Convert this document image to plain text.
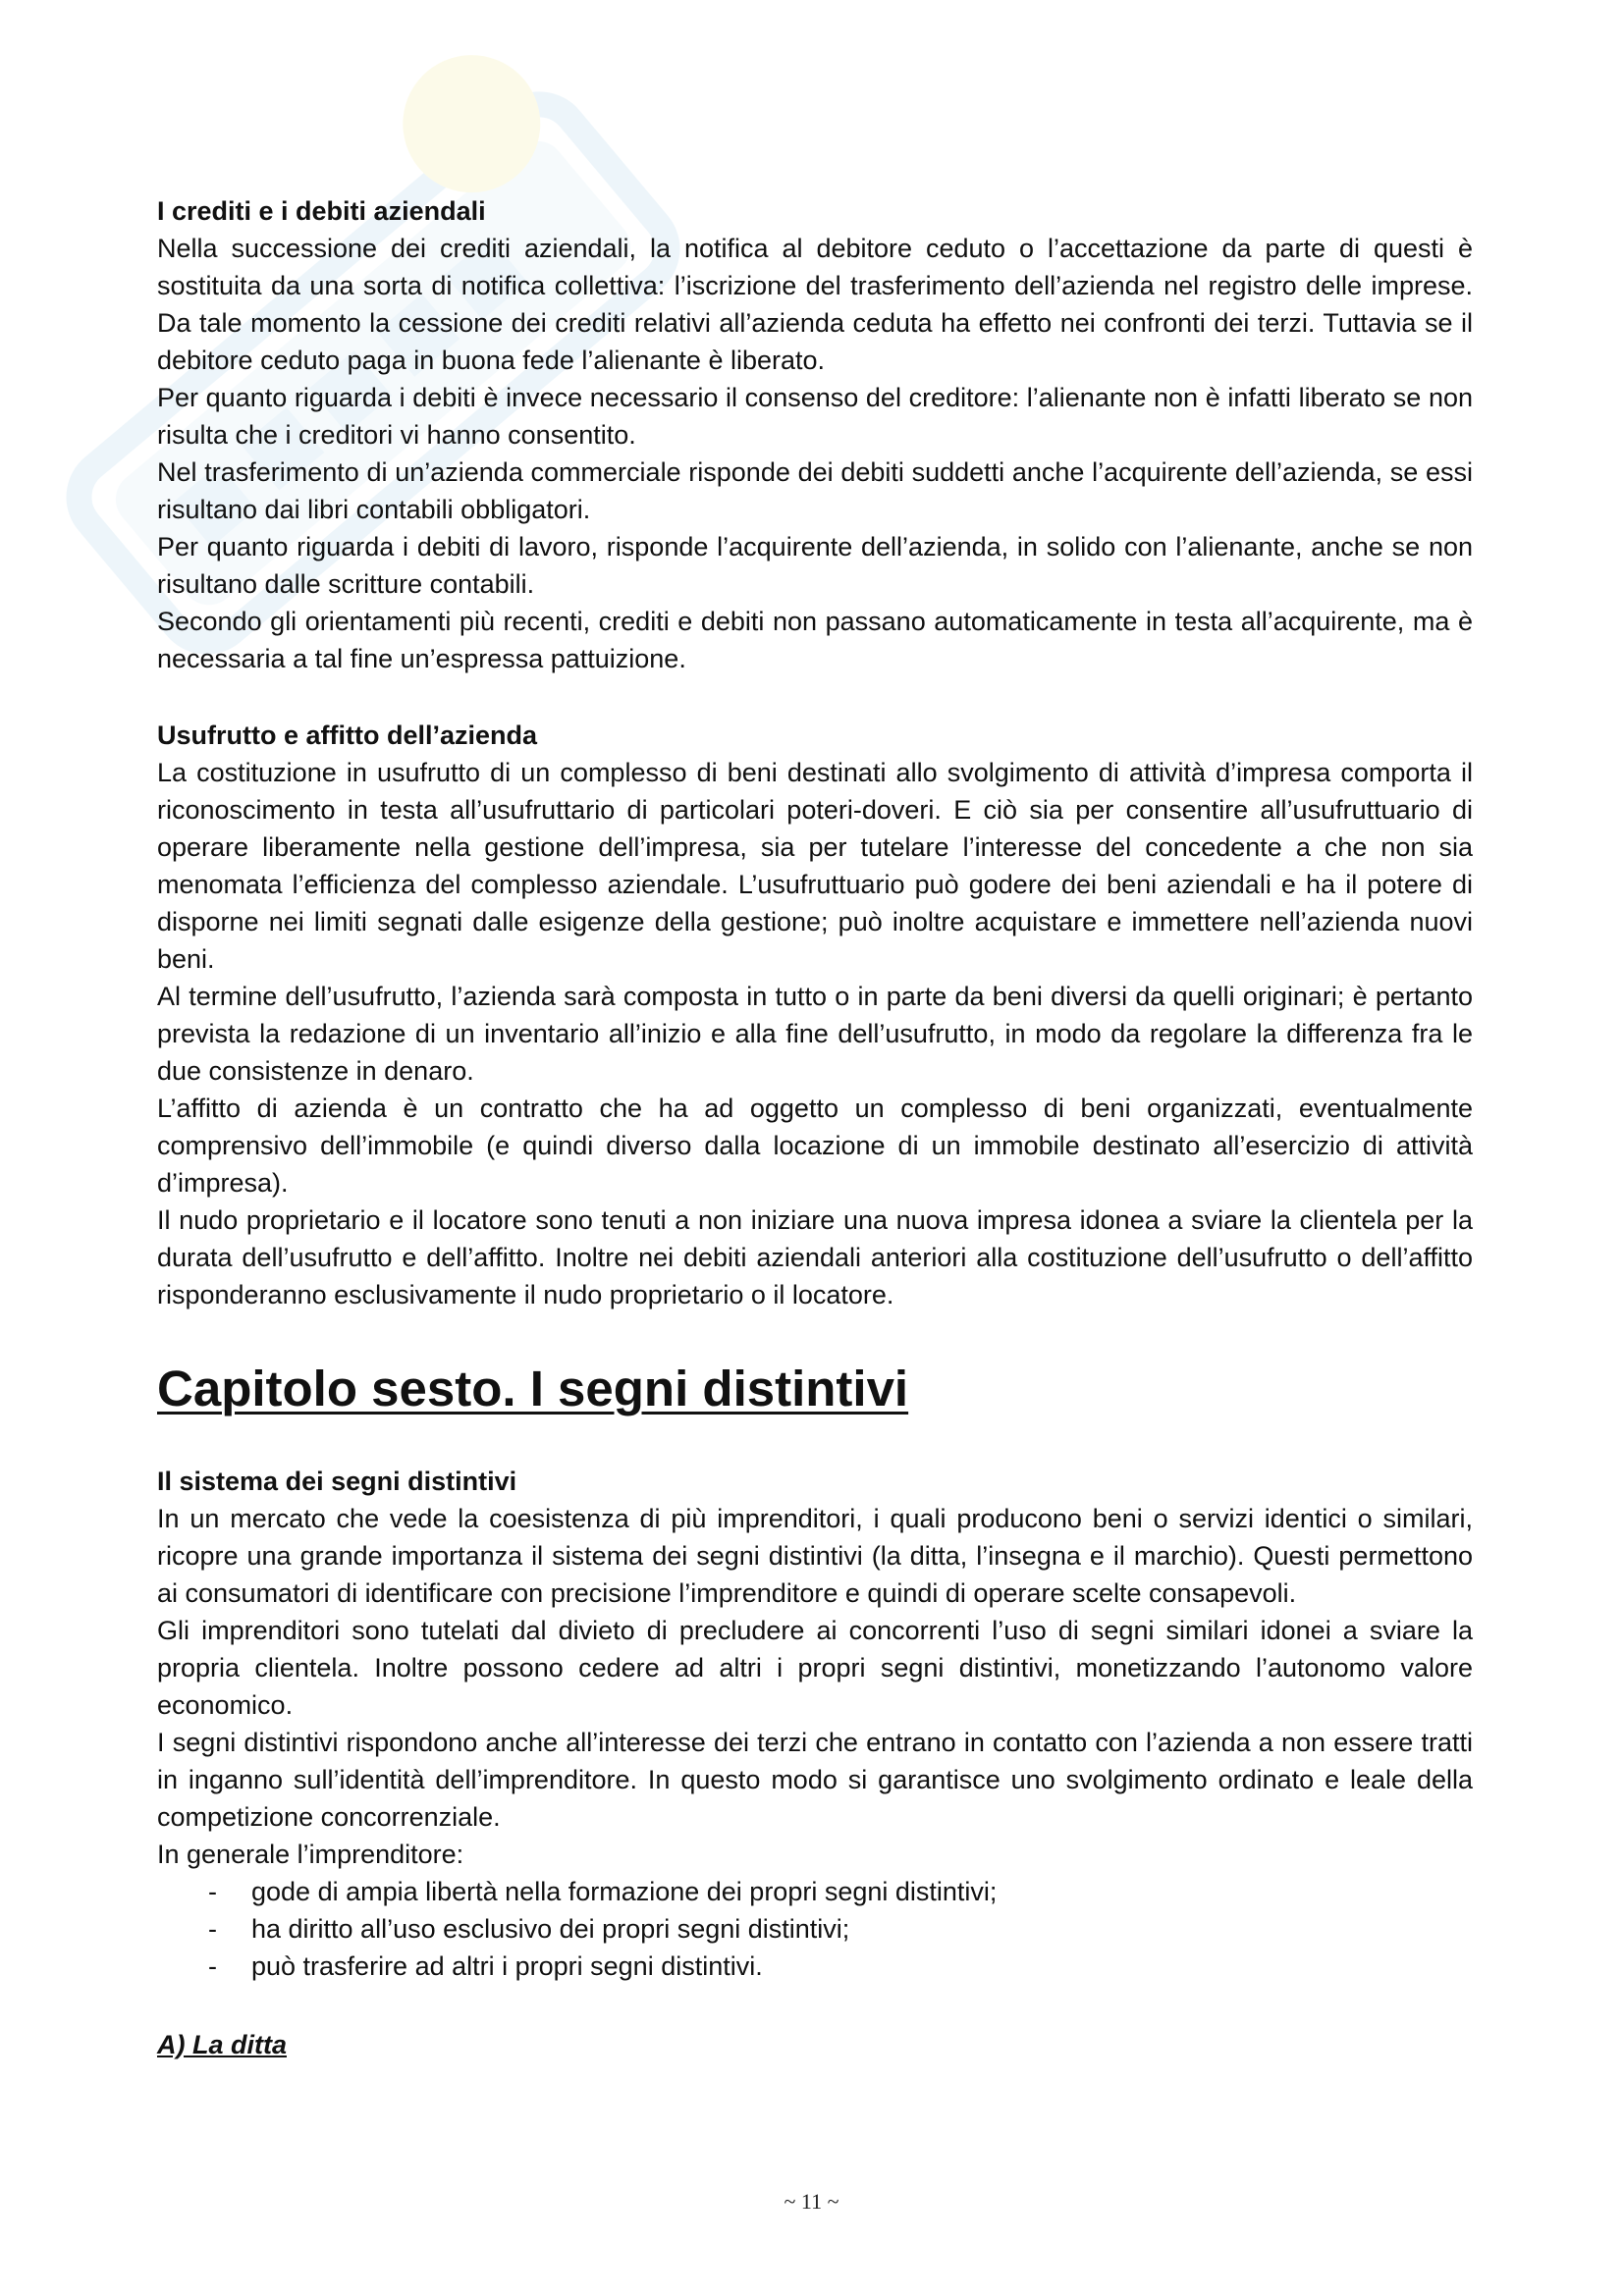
I crediti e i debiti aziendali

Nella successione dei crediti aziendali, la notifica al debitore ceduto o l’accettazione da parte di questi è sostituita da una sorta di notifica collettiva: l’iscrizione del trasferimento dell’azienda nel registro delle imprese. Da tale momento la cessione dei crediti relativi all’azienda ceduta ha effetto nei confronti dei terzi. Tuttavia se il debitore ceduto paga in buona fede l’alienante è liberato.

Per quanto riguarda i debiti è invece necessario il consenso del creditore: l’alienante non è infatti liberato se non risulta che i creditori vi hanno consentito.

Nel trasferimento di un’azienda commerciale risponde dei debiti suddetti anche l’acquirente dell’azienda, se essi risultano dai libri contabili obbligatori.

Per quanto riguarda i debiti di lavoro, risponde l’acquirente dell’azienda, in solido con l’alienante, anche se non risultano dalle scritture contabili.

Secondo gli orientamenti più recenti, crediti e debiti non passano automaticamente in testa all’acquirente, ma è necessaria a tal fine un’espressa pattuizione.

Usufrutto e affitto dell’azienda

La costituzione in usufrutto di un complesso di beni destinati allo svolgimento di attività d’impresa comporta il riconoscimento in testa all’usufruttario di particolari poteri-doveri. E ciò sia per consentire all’usufruttuario di operare liberamente nella gestione dell’impresa, sia per tutelare l’interesse del concedente a che non sia menomata l’efficienza del complesso aziendale. L’usufruttuario può godere dei beni aziendali e ha il potere di disporne nei limiti segnati dalle esigenze della gestione; può inoltre acquistare e immettere nell’azienda nuovi beni.

Al termine dell’usufrutto, l’azienda sarà composta in tutto o in parte da beni diversi da quelli originari; è pertanto prevista la redazione di un inventario all’inizio e alla fine dell’usufrutto, in modo da regolare la differenza fra le due consistenze in denaro.

L’affitto di azienda è un contratto che ha ad oggetto un complesso di beni organizzati, eventualmente comprensivo dell’immobile (e quindi diverso dalla locazione di un immobile destinato all’esercizio di attività d’impresa).

Il nudo proprietario e il locatore sono tenuti a non iniziare una nuova impresa idonea a sviare la clientela per la durata dell’usufrutto e dell’affitto. Inoltre nei debiti aziendali anteriori alla costituzione dell’usufrutto o dell’affitto risponderanno esclusivamente il nudo proprietario o il locatore.

Capitolo sesto. I segni distintivi

Il sistema dei segni distintivi

In un mercato che vede la coesistenza di più imprenditori, i quali producono beni o servizi identici o similari, ricopre una grande importanza il sistema dei segni distintivi (la ditta, l’insegna e il marchio). Questi permettono ai consumatori di identificare con precisione l’imprenditore e quindi di operare scelte consapevoli.

Gli imprenditori sono tutelati dal divieto di precludere ai concorrenti l’uso di segni similari idonei a sviare la propria clientela. Inoltre possono cedere ad altri i propri segni distintivi, monetizzando l’autonomo valore economico.

I segni distintivi rispondono anche all’interesse dei terzi che entrano in contatto con l’azienda a non essere tratti in inganno sull’identità dell’imprenditore. In questo modo si garantisce uno svolgimento ordinato e leale della competizione concorrenziale.

In generale l’imprenditore:

- gode di ampia libertà nella formazione dei propri segni distintivi;
- ha diritto all’uso esclusivo dei propri segni distintivi;
- può trasferire ad altri i propri segni distintivi.

A) La ditta

~ 11 ~
